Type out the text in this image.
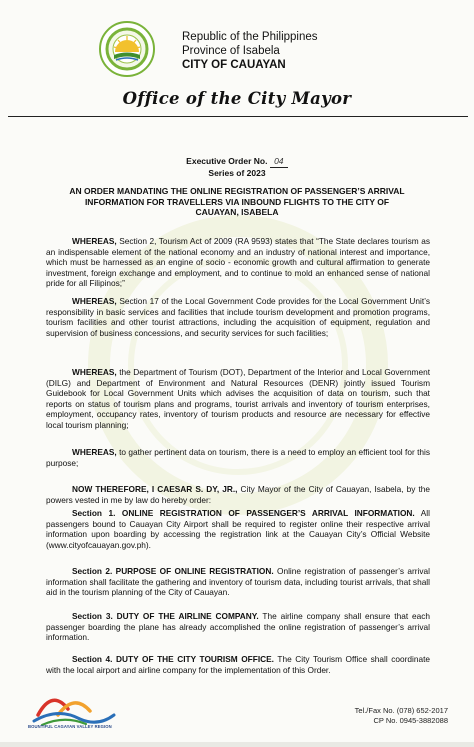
Republic of the Philippines
Province of Isabela
CITY OF CAUAYAN
Office of the City Mayor
Executive Order No. 04
Series of 2023
AN ORDER MANDATING THE ONLINE REGISTRATION OF PASSENGER’S ARRIVAL
INFORMATION FOR TRAVELLERS VIA INBOUND FLIGHTS TO THE CITY OF
CAUAYAN, ISABELA
WHEREAS, Section 2, Tourism Act of 2009 (RA 9593) states that “The State declares tourism as an indispensable element of the national economy and an industry of national interest and importance, which must be harnessed as an engine of socio - economic growth and cultural affirmation to generate investment, foreign exchange and employment, and to continue to mold an enhanced sense of national pride for all Filipinos;”
WHEREAS, Section 17 of the Local Government Code provides for the Local Government Unit’s responsibility in basic services and facilities that include tourism development and promotion programs, tourism facilities and other tourist attractions, including the acquisition of equipment, regulation and supervision of business concessions, and security services for such facilities;
WHEREAS, the Department of Tourism (DOT), Department of the Interior and Local Government (DILG) and Department of Environment and Natural Resources (DENR) jointly issued Tourism Guidebook for Local Government Units which advises the acquisition of data on tourism, such that reports on status of tourism plans and programs, tourist arrivals and inventory of tourism enterprises, employment, occupancy rates, inventory of tourism products and resource are necessary for effective local tourism planning;
WHEREAS, to gather pertinent data on tourism, there is a need to employ an efficient tool for this purpose;
NOW THEREFORE, I CAESAR S. DY, JR., City Mayor of the City of Cauayan, Isabela, by the powers vested in me by law do hereby order:
Section 1. ONLINE REGISTRATION OF PASSENGER’S ARRIVAL INFORMATION. All passengers bound to Cauayan City Airport shall be required to register online their respective arrival information upon boarding by accessing the registration link at the Cauayan City’s Official Website (www.cityofcauayan.gov.ph).
Section 2. PURPOSE OF ONLINE REGISTRATION. Online registration of passenger’s arrival information shall facilitate the gathering and inventory of tourism data, including tourist arrivals, that shall aid in the tourism planning of the City of Cauayan.
Section 3. DUTY OF THE AIRLINE COMPANY. The airline company shall ensure that each passenger boarding the plane has already accomplished the online registration of passenger’s arrival information.
Section 4. DUTY OF THE CITY TOURISM OFFICE. The City Tourism Office shall coordinate with the local airport and airline company for the implementation of this Order.
BOUNTIFUL CAGAYAN VALLEY REGION
Tel./Fax No. (078) 652-2017
CP No. 0945-3882088
